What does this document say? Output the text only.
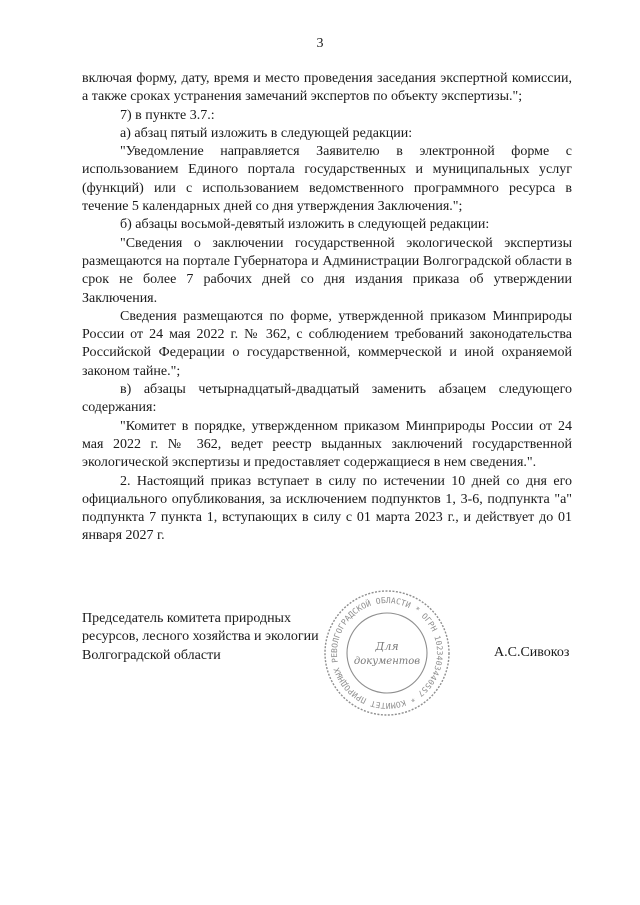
3

включая форму, дату, время и место проведения заседания экспертной комиссии, а также сроках устранения замечаний экспертов по объекту экспертизы.";

7) в пункте 3.7.:

а) абзац пятый изложить в следующей редакции:

"Уведомление направляется Заявителю в электронной форме с использованием Единого портала государственных и муниципальных услуг (функций) или с использованием ведомственного программного ресурса в течение 5 календарных дней со дня утверждения Заключения.";

б) абзацы восьмой-девятый изложить в следующей редакции:

"Сведения о заключении государственной экологической экспертизы размещаются на портале Губернатора и Администрации Волгоградской области в срок не более 7 рабочих дней со дня издания приказа об утверждении Заключения.

Сведения размещаются по форме, утвержденной приказом Минприроды России от 24 мая 2022 г. № 362, с соблюдением требований законодательства Российской Федерации о государственной, коммерческой и иной охраняемой законом тайне.";

в) абзацы четырнадцатый-двадцатый заменить абзацем следующего содержания:

"Комитет в порядке, утвержденном приказом Минприроды России от 24 мая 2022 г. № 362, ведет реестр выданных заключений государственной экологической экспертизы и предоставляет содержащиеся в нем сведения.".

2. Настоящий приказ вступает в силу по истечении 10 дней со дня его официального опубликования, за исключением подпунктов 1, 3-6, подпункта "а" подпункта 7 пункта 1, вступающих в силу с 01 марта 2023 г., и действует до 01 января 2027 г.

Председатель комитета природных

ресурсов, лесного хозяйства и экологии

Волгоградской области	А.С.Сивокоз
ВОЛГОГРАДСКОЙ ОБЛАСТИ * ОГРН 1023403440557 * КОМИТЕТ ПРИРОДНЫХ РЕ
Для
документов
